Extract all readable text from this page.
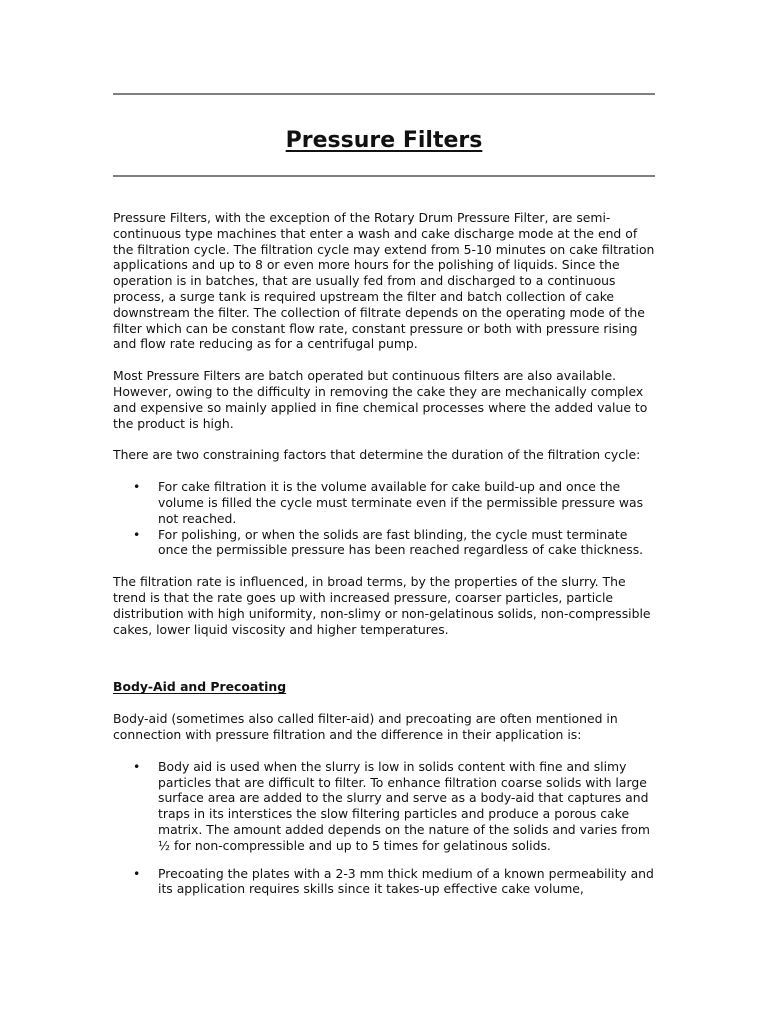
Pressure Filters

Pressure Filters, with the exception of the Rotary Drum Pressure Filter, are semi-continuous type machines that enter a wash and cake discharge mode at the end of the filtration cycle. The filtration cycle may extend from 5-10 minutes on cake filtration applications and up to 8 or even more hours for the polishing of liquids. Since the operation is in batches, that are usually fed from and discharged to a continuous process, a surge tank is required upstream the filter and batch collection of cake downstream the filter. The collection of filtrate depends on the operating mode of the filter which can be constant flow rate, constant pressure or both with pressure rising and flow rate reducing as for a centrifugal pump.

Most Pressure Filters are batch operated but continuous filters are also available. However, owing to the difficulty in removing the cake they are mechanically complex and expensive so mainly applied in fine chemical processes where the added value to the product is high.

There are two constraining factors that determine the duration of the filtration cycle:

• For cake filtration it is the volume available for cake build-up and once the volume is filled the cycle must terminate even if the permissible pressure was not reached.
• For polishing, or when the solids are fast blinding, the cycle must terminate once the permissible pressure has been reached regardless of cake thickness.

The filtration rate is influenced, in broad terms, by the properties of the slurry. The trend is that the rate goes up with increased pressure, coarser particles, particle distribution with high uniformity, non-slimy or non-gelatinous solids, non-compressible cakes, lower liquid viscosity and higher temperatures.

Body-Aid and Precoating

Body-aid (sometimes also called filter-aid) and precoating are often mentioned in connection with pressure filtration and the difference in their application is:

• Body aid is used when the slurry is low in solids content with fine and slimy particles that are difficult to filter. To enhance filtration coarse solids with large surface area are added to the slurry and serve as a body-aid that captures and traps in its interstices the slow filtering particles and produce a porous cake matrix. The amount added depends on the nature of the solids and varies from ½ for non-compressible and up to 5 times for gelatinous solids.
• Precoating the plates with a 2-3 mm thick medium of a known permeability and its application requires skills since it takes-up effective cake volume,
